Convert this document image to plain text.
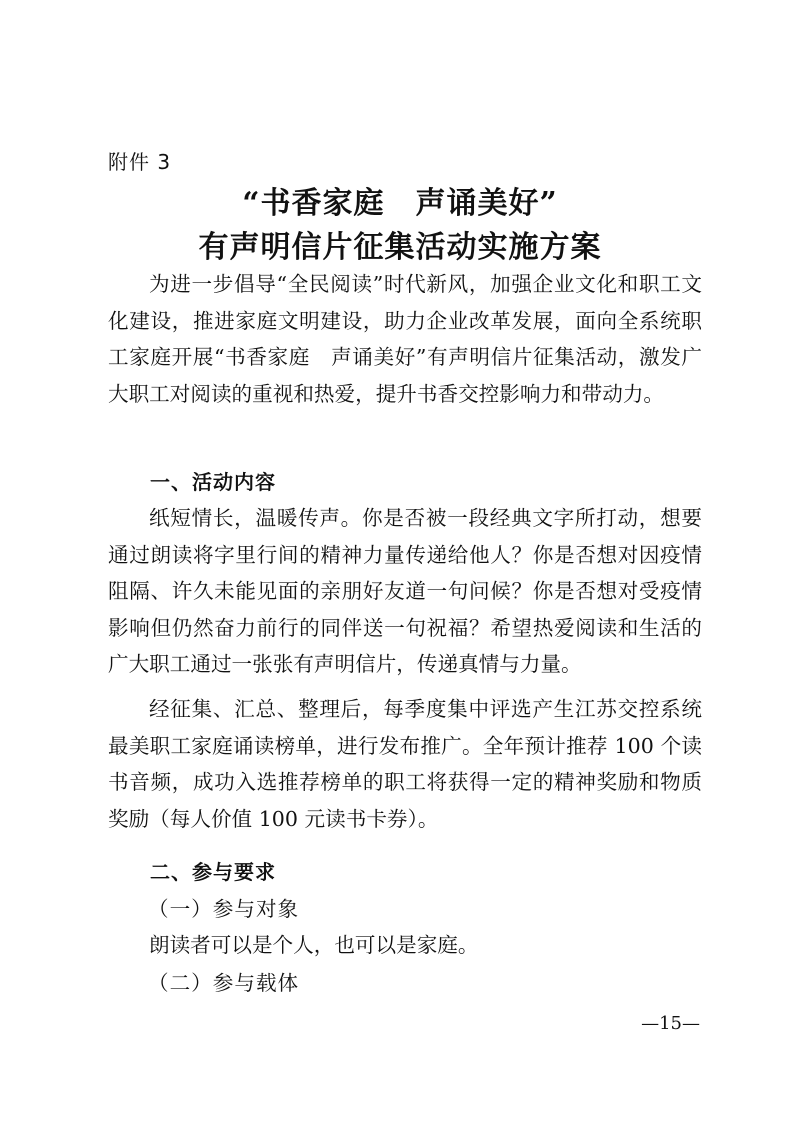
附件 3
“书香家庭　声诵美好”
有声明信片征集活动实施方案

为进一步倡导“全民阅读”时代新风，加强企业文化和职工文化建设，推进家庭文明建设，助力企业改革发展，面向全系统职工家庭开展“书香家庭　声诵美好”有声明信片征集活动，激发广大职工对阅读的重视和热爱，提升书香交控影响力和带动力。

一、活动内容

纸短情长，温暖传声。你是否被一段经典文字所打动，想要通过朗读将字里行间的精神力量传递给他人？你是否想对因疫情阻隔、许久未能见面的亲朋好友道一句问候？你是否想对受疫情影响但仍然奋力前行的同伴送一句祝福？希望热爱阅读和生活的广大职工通过一张张有声明信片，传递真情与力量。

经征集、汇总、整理后，每季度集中评选产生江苏交控系统最美职工家庭诵读榜单，进行发布推广。全年预计推荐 100 个读书音频，成功入选推荐榜单的职工将获得一定的精神奖励和物质奖励（每人价值 100 元读书卡券）。

二、参与要求
（一）参与对象

朗读者可以是个人，也可以是家庭。

（二）参与载体
—15—
